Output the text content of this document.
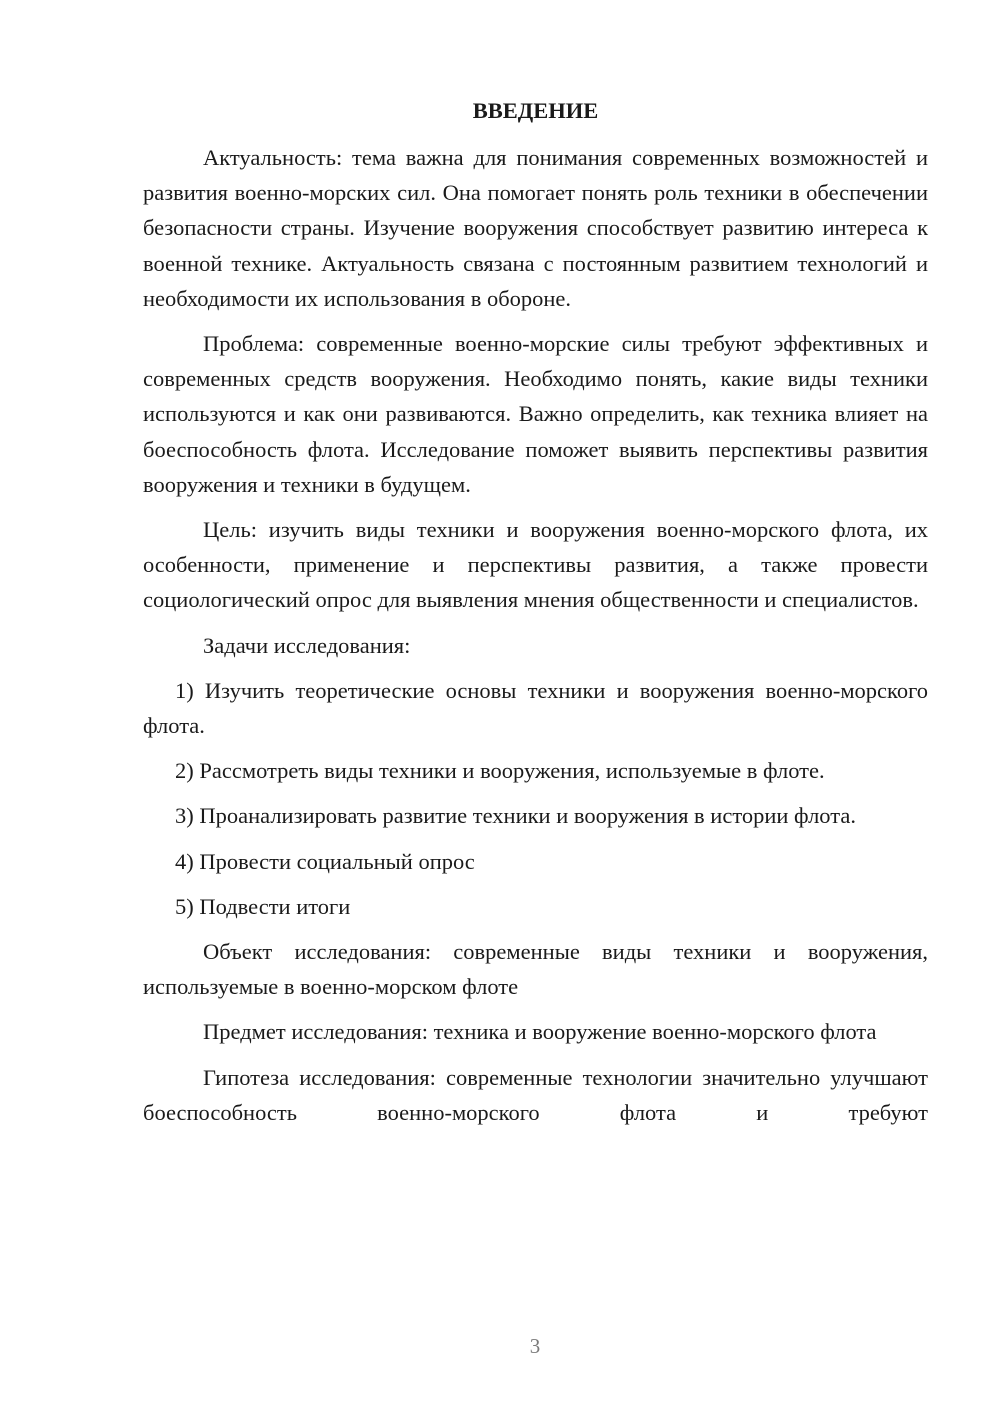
ВВЕДЕНИЕ

Актуальность: тема важна для понимания современных возможностей и развития военно-морских сил. Она помогает понять роль техники в обеспечении безопасности страны. Изучение вооружения способствует развитию интереса к военной технике. Актуальность связана с постоянным развитием технологий и необходимости их использования в обороне.

Проблема: современные военно-морские силы требуют эффективных и современных средств вооружения. Необходимо понять, какие виды техники используются и как они развиваются. Важно определить, как техника влияет на боеспособность флота. Исследование поможет выявить перспективы развития вооружения и техники в будущем.

Цель: изучить виды техники и вооружения военно-морского флота, их особенности, применение и перспективы развития, а также провести социологический опрос для выявления мнения общественности и специалистов.

Задачи исследования:

1) Изучить теоретические основы техники и вооружения военно-морского флота.

2) Рассмотреть виды техники и вооружения, используемые в флоте.

3) Проанализировать развитие техники и вооружения в истории флота.

4) Провести социальный опрос

5) Подвести итоги

Объект исследования: современные виды техники и вооружения, используемые в военно-морском флоте

Предмет исследования: техника и вооружение военно-морского флота

Гипотеза исследования: современные технологии значительно улучшают боеспособность военно-морского флота и требуют

3
